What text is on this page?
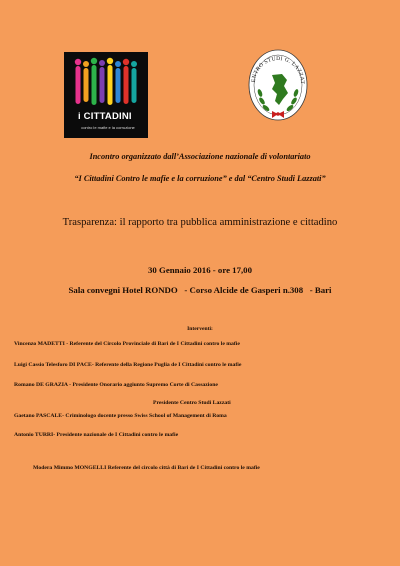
i CITTADINI
contro le mafie e la corruzione
ENTRO STUDI G. LAZZAT
Incontro organizzato dall’Associazione nazionale di volontariato
“I Cittadini Contro le mafie e la corruzione” e dal “Centro Studi Lazzati”
Trasparenza: il rapporto tra pubblica amministrazione e cittadino
30 Gennaio 2016 - ore 17,00
Sala convegni Hotel RONDO   - Corso Alcide de Gasperi n.308   - Bari
Interventi:
Vincenzo MADETTI - Referente del Circolo Provinciale di Bari de I Cittadini contro le mafie
Luigi Cassio Telesforo DI PACE- Referente della Regione Puglia de I Cittadini contro le mafie
Romano DE GRAZIA - Presidente Onorario aggiunto Supremo Corte di Cassazione
Presidente Centro Studi Lazzati
Gaetano PASCALE- Criminologo docente presso Swiss School of Management di Roma
Antonio TURRI- Presidente nazionale de I Cittadini contro le mafie
Modera Mimmo MONGELLI Referente del circolo città di Bari de I Cittadini contro le mafie
